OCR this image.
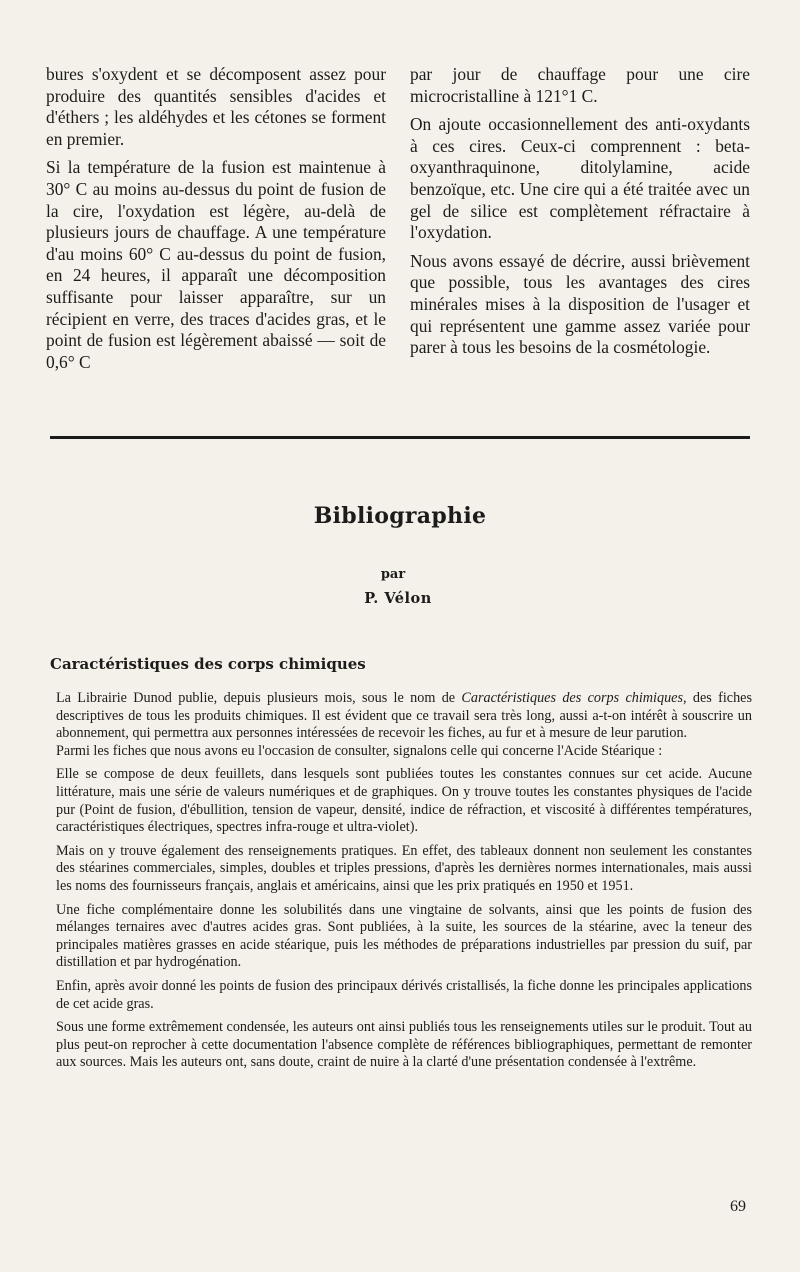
bures s'oxydent et se décomposent assez pour produire des quantités sensibles d'acides et d'éthers ; les aldéhydes et les cétones se forment en premier.

Si la température de la fusion est maintenue à 30° C au moins au-dessus du point de fusion de la cire, l'oxydation est légère, au-delà de plusieurs jours de chauffage. A une température d'au moins 60° C au-dessus du point de fusion, en 24 heures, il apparaît une décomposition suffisante pour laisser apparaître, sur un récipient en verre, des traces d'acides gras, et le point de fusion est légèrement abaissé — soit de 0,6° C

par jour de chauffage pour une cire microcristalline à 121°1 C.

On ajoute occasionnellement des anti-oxydants à ces cires. Ceux-ci comprennent : beta-oxyanthraquinone, ditolylamine, acide benzoïque, etc. Une cire qui a été traitée avec un gel de silice est complètement réfractaire à l'oxydation.

Nous avons essayé de décrire, aussi brièvement que possible, tous les avantages des cires minérales mises à la disposition de l'usager et qui représentent une gamme assez variée pour parer à tous les besoins de la cosmétologie.

Bibliographie
par
P. Vélon
Caractéristiques des corps chimiques

La Librairie Dunod publie, depuis plusieurs mois, sous le nom de Caractéristiques des corps chimiques, des fiches descriptives de tous les produits chimiques. Il est évident que ce travail sera très long, aussi a-t-on intérêt à souscrire un abonnement, qui permettra aux personnes intéressées de recevoir les fiches, au fur et à mesure de leur parution.

Parmi les fiches que nous avons eu l'occasion de consulter, signalons celle qui concerne l'Acide Stéarique :

Elle se compose de deux feuillets, dans lesquels sont publiées toutes les constantes connues sur cet acide. Aucune littérature, mais une série de valeurs numériques et de graphiques. On y trouve toutes les constantes physiques de l'acide pur (Point de fusion, d'ébullition, tension de vapeur, densité, indice de réfraction, et viscosité à différentes températures, caractéristiques électriques, spectres infra-rouge et ultra-violet).

Mais on y trouve également des renseignements pratiques. En effet, des tableaux donnent non seulement les constantes des stéarines commerciales, simples, doubles et triples pressions, d'après les dernières normes internationales, mais aussi les noms des fournisseurs français, anglais et américains, ainsi que les prix pratiqués en 1950 et 1951.

Une fiche complémentaire donne les solubilités dans une vingtaine de solvants, ainsi que les points de fusion des mélanges ternaires avec d'autres acides gras. Sont publiées, à la suite, les sources de la stéarine, avec la teneur des principales matières grasses en acide stéarique, puis les méthodes de préparations industrielles par pression du suif, par distillation et par hydrogénation.

Enfin, après avoir donné les points de fusion des principaux dérivés cristallisés, la fiche donne les principales applications de cet acide gras.

Sous une forme extrêmement condensée, les auteurs ont ainsi publiés tous les renseignements utiles sur le produit. Tout au plus peut-on reprocher à cette documentation l'absence complète de références bibliographiques, permettant de remonter aux sources. Mais les auteurs ont, sans doute, craint de nuire à la clarté d'une présentation condensée à l'extrême.

69
